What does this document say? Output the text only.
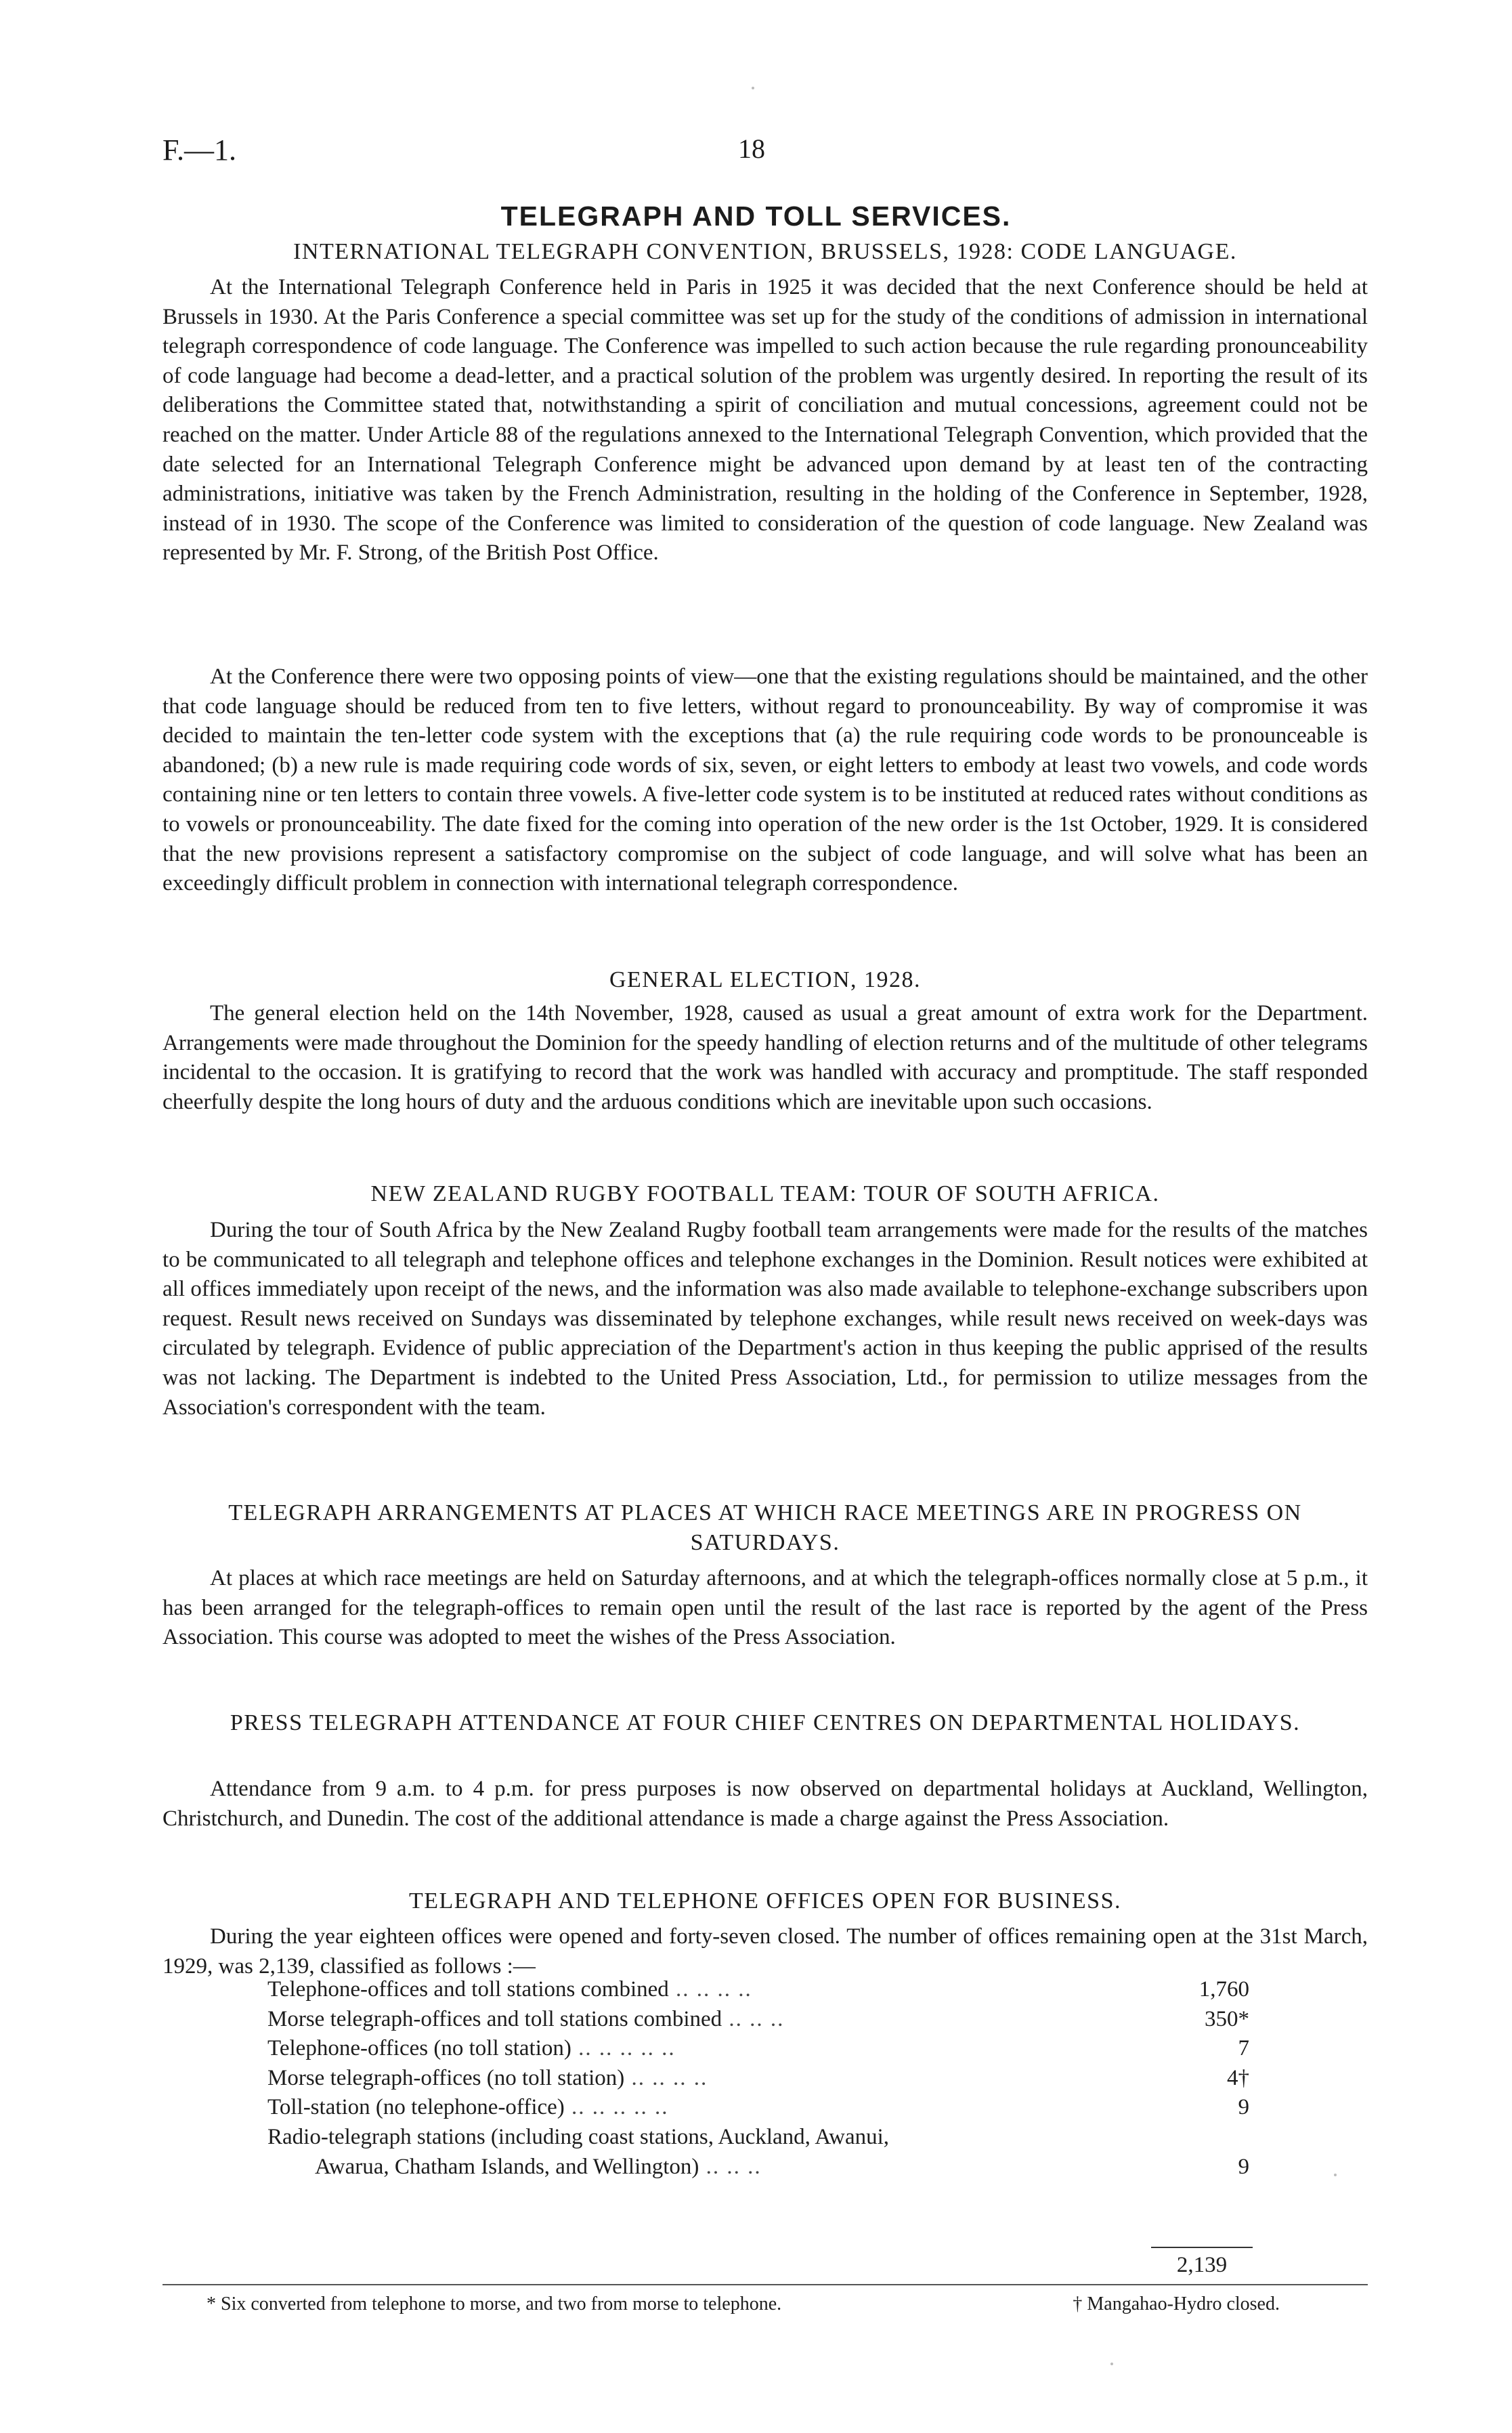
F.—1.	18
TELEGRAPH AND TOLL SERVICES.
INTERNATIONAL TELEGRAPH CONVENTION, BRUSSELS, 1928: CODE LANGUAGE.
At the International Telegraph Conference held in Paris in 1925 it was decided that the next Conference should be held at Brussels in 1930. At the Paris Conference a special committee was set up for the study of the conditions of admission in international telegraph correspondence of code language. The Conference was impelled to such action because the rule regarding pronounceability of code language had become a dead-letter, and a practical solution of the problem was urgently desired. In reporting the result of its deliberations the Committee stated that, notwithstanding a spirit of conciliation and mutual concessions, agreement could not be reached on the matter. Under Article 88 of the regulations annexed to the International Telegraph Convention, which provided that the date selected for an International Telegraph Conference might be advanced upon demand by at least ten of the contracting administrations, initiative was taken by the French Administration, resulting in the holding of the Conference in September, 1928, instead of in 1930. The scope of the Conference was limited to consideration of the question of code language. New Zealand was represented by Mr. F. Strong, of the British Post Office.
At the Conference there were two opposing points of view—one that the existing regulations should be maintained, and the other that code language should be reduced from ten to five letters, without regard to pronounceability. By way of compromise it was decided to maintain the ten-letter code system with the exceptions that (a) the rule requiring code words to be pronounceable is abandoned; (b) a new rule is made requiring code words of six, seven, or eight letters to embody at least two vowels, and code words containing nine or ten letters to contain three vowels. A five-letter code system is to be instituted at reduced rates without conditions as to vowels or pronounceability. The date fixed for the coming into operation of the new order is the 1st October, 1929. It is considered that the new provisions represent a satisfactory compromise on the subject of code language, and will solve what has been an exceedingly difficult problem in connection with international telegraph correspondence.
GENERAL ELECTION, 1928.
The general election held on the 14th November, 1928, caused as usual a great amount of extra work for the Department. Arrangements were made throughout the Dominion for the speedy handling of election returns and of the multitude of other telegrams incidental to the occasion. It is gratifying to record that the work was handled with accuracy and promptitude. The staff responded cheerfully despite the long hours of duty and the arduous conditions which are inevitable upon such occasions.
NEW ZEALAND RUGBY FOOTBALL TEAM: TOUR OF SOUTH AFRICA.
During the tour of South Africa by the New Zealand Rugby football team arrangements were made for the results of the matches to be communicated to all telegraph and telephone offices and telephone exchanges in the Dominion. Result notices were exhibited at all offices immediately upon receipt of the news, and the information was also made available to telephone-exchange subscribers upon request. Result news received on Sundays was disseminated by telephone exchanges, while result news received on week-days was circulated by telegraph. Evidence of public appreciation of the Department's action in thus keeping the public apprised of the results was not lacking. The Department is indebted to the United Press Association, Ltd., for permission to utilize messages from the Association's correspondent with the team.
TELEGRAPH ARRANGEMENTS AT PLACES AT WHICH RACE MEETINGS ARE IN PROGRESS ON SATURDAYS.
At places at which race meetings are held on Saturday afternoons, and at which the telegraph-offices normally close at 5 p.m., it has been arranged for the telegraph-offices to remain open until the result of the last race is reported by the agent of the Press Association. This course was adopted to meet the wishes of the Press Association.
PRESS TELEGRAPH ATTENDANCE AT FOUR CHIEF CENTRES ON DEPARTMENTAL HOLIDAYS.
Attendance from 9 a.m. to 4 p.m. for press purposes is now observed on departmental holidays at Auckland, Wellington, Christchurch, and Dunedin. The cost of the additional attendance is made a charge against the Press Association.
TELEGRAPH AND TELEPHONE OFFICES OPEN FOR BUSINESS.
During the year eighteen offices were opened and forty-seven closed. The number of offices remaining open at the 31st March, 1929, was 2,139, classified as follows :—
Telephone-offices and toll stations combined .. .. .. ..	1,760
Morse telegraph-offices and toll stations combined .. .. ..	350*
Telephone-offices (no toll station) .. .. .. .. ..	7
Morse telegraph-offices (no toll station) .. .. .. ..	4†
Toll-station (no telephone-office) .. .. .. .. ..	9
Radio-telegraph stations (including coast stations, Auckland, Awanui,
Awarua, Chatham Islands, and Wellington) .. .. ..	9
2,139
* Six converted from telephone to morse, and two from morse to telephone.	† Mangahao-Hydro closed.
